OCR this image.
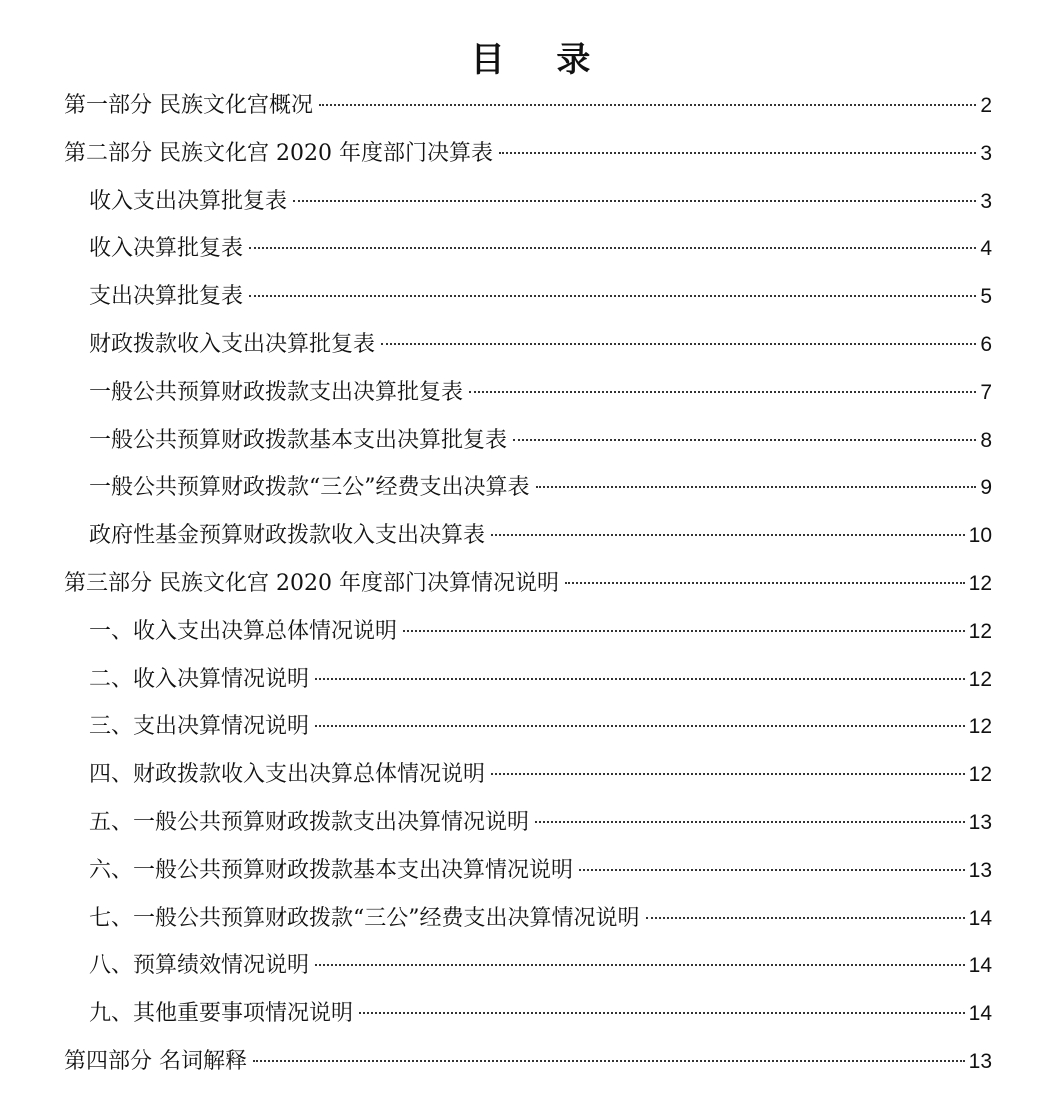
目 录
第一部分 民族文化宫概况	2
第二部分 民族文化宫 2020 年度部门决算表	3
收入支出决算批复表	3
收入决算批复表	4
支出决算批复表	5
财政拨款收入支出决算批复表	6
一般公共预算财政拨款支出决算批复表	7
一般公共预算财政拨款基本支出决算批复表	8
一般公共预算财政拨款“三公”经费支出决算表	9
政府性基金预算财政拨款收入支出决算表	10
第三部分 民族文化宫 2020 年度部门决算情况说明	12
一、收入支出决算总体情况说明	12
二、收入决算情况说明	12
三、支出决算情况说明	12
四、财政拨款收入支出决算总体情况说明	12
五、一般公共预算财政拨款支出决算情况说明	13
六、一般公共预算财政拨款基本支出决算情况说明	13
七、一般公共预算财政拨款“三公”经费支出决算情况说明	14
八、预算绩效情况说明	14
九、其他重要事项情况说明	14
第四部分 名词解释	13
